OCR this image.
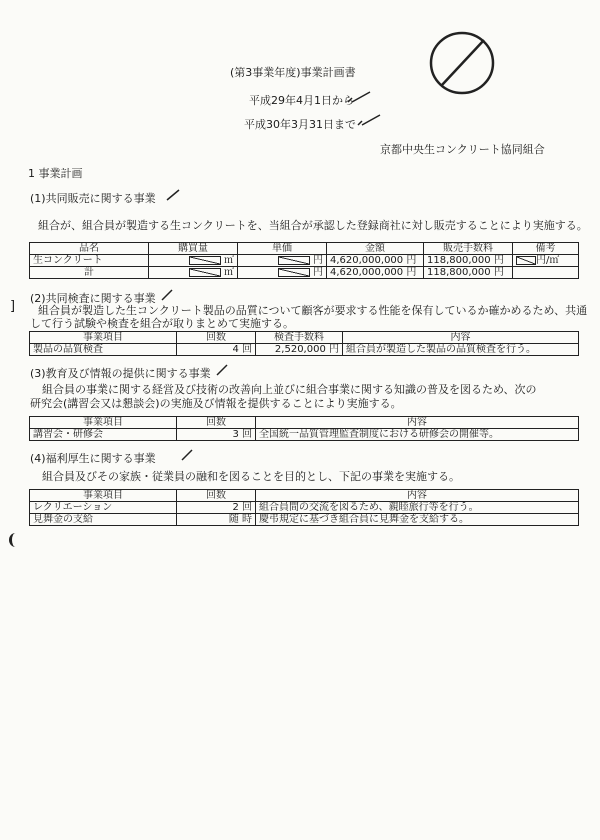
(第3事業年度)事業計画書
平成29年4月1日から
平成30年3月31日まで
京都中央生コンクリート協同組合
1 事業計画
(1)共同販売に関する事業
組合が、組合員が製造する生コンクリートを、当組合が承認した登録商社に対し販売することにより実施する。
品名	購買量	単価	金額	販売手数料	備考
生コンクリート	㎥	円	4,620,000,000 円	118,800,000 円	円/㎥
計	㎥	円	4,620,000,000 円	118,800,000 円	
]
(2)共同検査に関する事業
組合員が製造した生コンクリート製品の品質について顧客が要求する性能を保有しているか確かめるため、共通
して行う試験や検査を組合が取りまとめて実施する。
事業項目	回数	検査手数料	内容
製品の品質検査	4 回	2,520,000 円	組合員が製造した製品の品質検査を行う。
(3)教育及び情報の提供に関する事業
組合員の事業に関する経営及び技術の改善向上並びに組合事業に関する知識の普及を図るため、次の
研究会(講習会又は懇談会)の実施及び情報を提供することにより実施する。
事業項目	回数	内容
講習会・研修会	3 回	全国統一品質管理監査制度における研修会の開催等。
(4)福利厚生に関する事業
組合員及びその家族・従業員の融和を図ることを目的とし、下記の事業を実施する。
事業項目	回数	内容
レクリエーション	2 回	組合員間の交流を図るため、親睦旅行等を行う。
見舞金の支給	随 時	慶弔規定に基づき組合員に見舞金を支給する。
